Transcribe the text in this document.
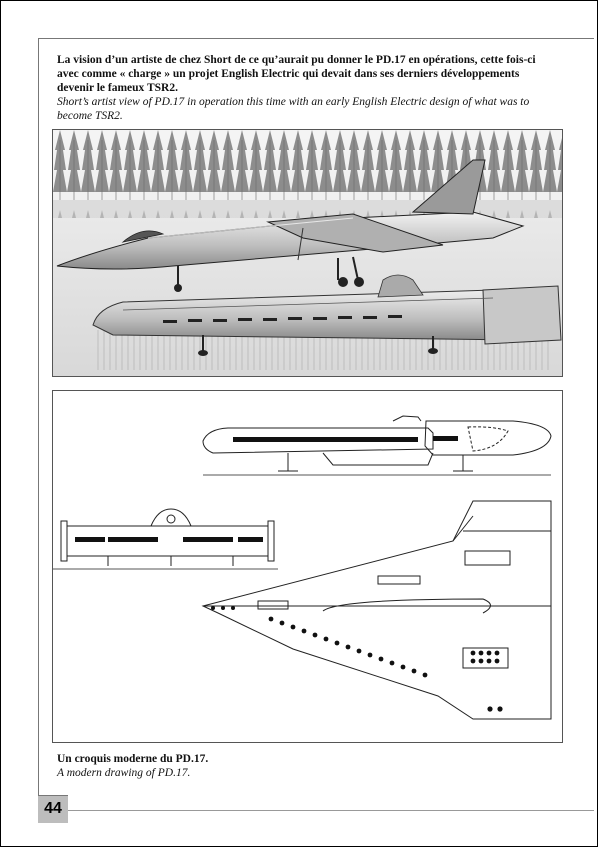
La vision d’un artiste de chez Short de ce qu’aurait pu donner le PD.17 en opérations, cette fois-ci avec comme « charge » un projet English Electric qui devait dans ses derniers développements devenir le fameux TSR2.
Short’s artist view of PD.17 in operation this time with an early English Electric design of what was to become TSR2.
Un croquis moderne du PD.17.
A modern drawing of PD.17.
44
